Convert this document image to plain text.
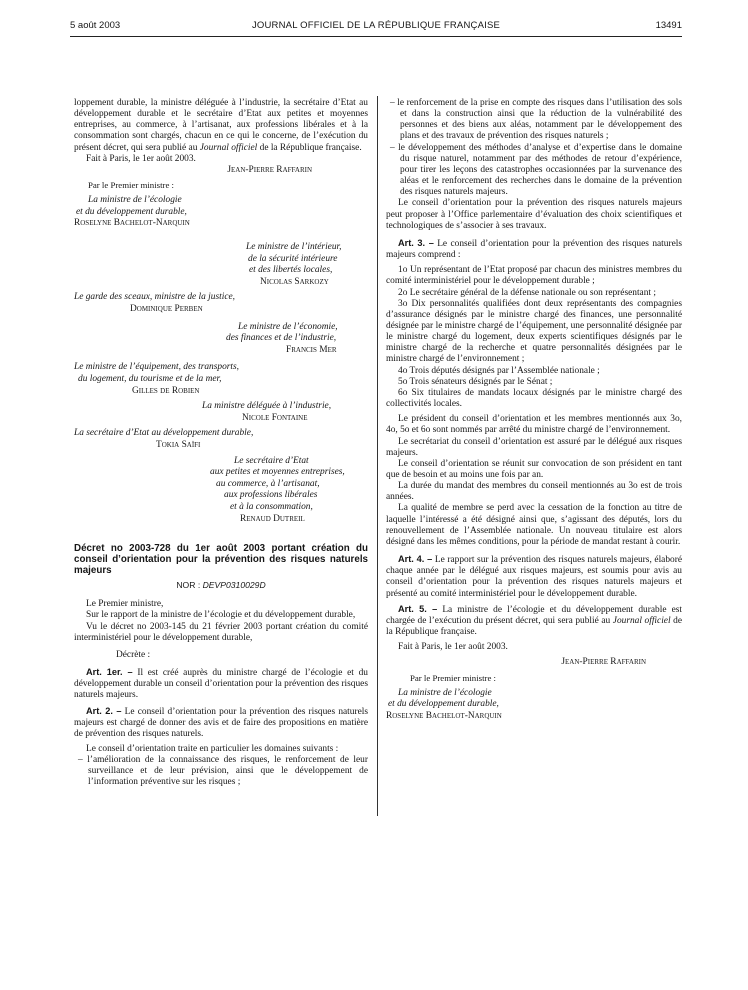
5 août 2003	JOURNAL OFFICIEL DE LA RÉPUBLIQUE FRANÇAISE	13491

loppement durable, la ministre déléguée à l’industrie, la secrétaire d’Etat au développement durable et le secrétaire d’Etat aux petites et moyennes entreprises, au commerce, à l’artisanat, aux professions libérales et à la consommation sont chargés, chacun en ce qui le concerne, de l’exécution du présent décret, qui sera publié au Journal officiel de la République française.

Fait à Paris, le 1er août 2003.

Jean-Pierre Raffarin

Par le Premier ministre :

La ministre de l’écologie
et du développement durable,
Roselyne Bachelot-Narquin
Le ministre de l’intérieur,
de la sécurité intérieure
et des libertés locales,
Nicolas Sarkozy
Le garde des sceaux, ministre de la justice,
Dominique Perben
Le ministre de l’économie,
des finances et de l’industrie,
Francis Mer
Le ministre de l’équipement, des transports,
du logement, du tourisme et de la mer,
Gilles de Robien
La ministre déléguée à l’industrie,
Nicole Fontaine
La secrétaire d’Etat au développement durable,
Tokia Saïfi
Le secrétaire d’Etat
aux petites et moyennes entreprises,
au commerce, à l’artisanat,
aux professions libérales
et à la consommation,
Renaud Dutreil

Décret no 2003-728 du 1er août 2003 portant création du conseil d’orientation pour la prévention des risques naturels majeurs

NOR : DEVP0310029D

Le Premier ministre,

Sur le rapport de la ministre de l’écologie et du développement durable,

Vu le décret no 2003-145 du 21 février 2003 portant création du comité interministériel pour le développement durable,

Décrète :

Art. 1er. – Il est créé auprès du ministre chargé de l’écologie et du développement durable un conseil d’orientation pour la prévention des risques naturels majeurs.

Art. 2. – Le conseil d’orientation pour la prévention des risques naturels majeurs est chargé de donner des avis et de faire des propositions en matière de prévention des risques naturels.

Le conseil d’orientation traite en particulier les domaines suivants :

– l’amélioration de la connaissance des risques, le renforcement de leur surveillance et de leur prévision, ainsi que le développement de l’information préventive sur les risques ;

– le renforcement de la prise en compte des risques dans l’utilisation des sols et dans la construction ainsi que la réduction de la vulnérabilité des personnes et des biens aux aléas, notamment par le développement des plans et des travaux de prévention des risques naturels ;

– le développement des méthodes d’analyse et d’expertise dans le domaine du risque naturel, notamment par des méthodes de retour d’expérience, pour tirer les leçons des catastrophes occasionnées par la survenance des aléas et le renforcement des recherches dans le domaine de la prévention des risques naturels majeurs.

Le conseil d’orientation pour la prévention des risques naturels majeurs peut proposer à l’Office parlementaire d’évaluation des choix scientifiques et technologiques de s’associer à ses travaux.

Art. 3. – Le conseil d’orientation pour la prévention des risques naturels majeurs comprend :

1o Un représentant de l’Etat proposé par chacun des ministres membres du comité interministériel pour le développement durable ;

2o Le secrétaire général de la défense nationale ou son représentant ;

3o Dix personnalités qualifiées dont deux représentants des compagnies d’assurance désignés par le ministre chargé des finances, une personnalité désignée par le ministre chargé de l’équipement, une personnalité désignée par le ministre chargé du logement, deux experts scientifiques désignés par le ministre chargé de la recherche et quatre personnalités désignées par le ministre chargé de l’environnement ;

4o Trois députés désignés par l’Assemblée nationale ;

5o Trois sénateurs désignés par le Sénat ;

6o Six titulaires de mandats locaux désignés par le ministre chargé des collectivités locales.

Le président du conseil d’orientation et les membres mentionnés aux 3o, 4o, 5o et 6o sont nommés par arrêté du ministre chargé de l’environnement.

Le secrétariat du conseil d’orientation est assuré par le délégué aux risques majeurs.

Le conseil d’orientation se réunit sur convocation de son président en tant que de besoin et au moins une fois par an.

La durée du mandat des membres du conseil mentionnés au 3o est de trois années.

La qualité de membre se perd avec la cessation de la fonction au titre de laquelle l’intéressé a été désigné ainsi que, s’agissant des députés, lors du renouvellement de l’Assemblée nationale. Un nouveau titulaire est alors désigné dans les mêmes conditions, pour la période de mandat restant à courir.

Art. 4. – Le rapport sur la prévention des risques naturels majeurs, élaboré chaque année par le délégué aux risques majeurs, est soumis pour avis au conseil d’orientation pour la prévention des risques naturels majeurs et présenté au comité interministériel pour le développement durable.

Art. 5. – La ministre de l’écologie et du développement durable est chargée de l’exécution du présent décret, qui sera publié au Journal officiel de la République française.

Fait à Paris, le 1er août 2003.

Jean-Pierre Raffarin

Par le Premier ministre :

La ministre de l’écologie
et du développement durable,
Roselyne Bachelot-Narquin
